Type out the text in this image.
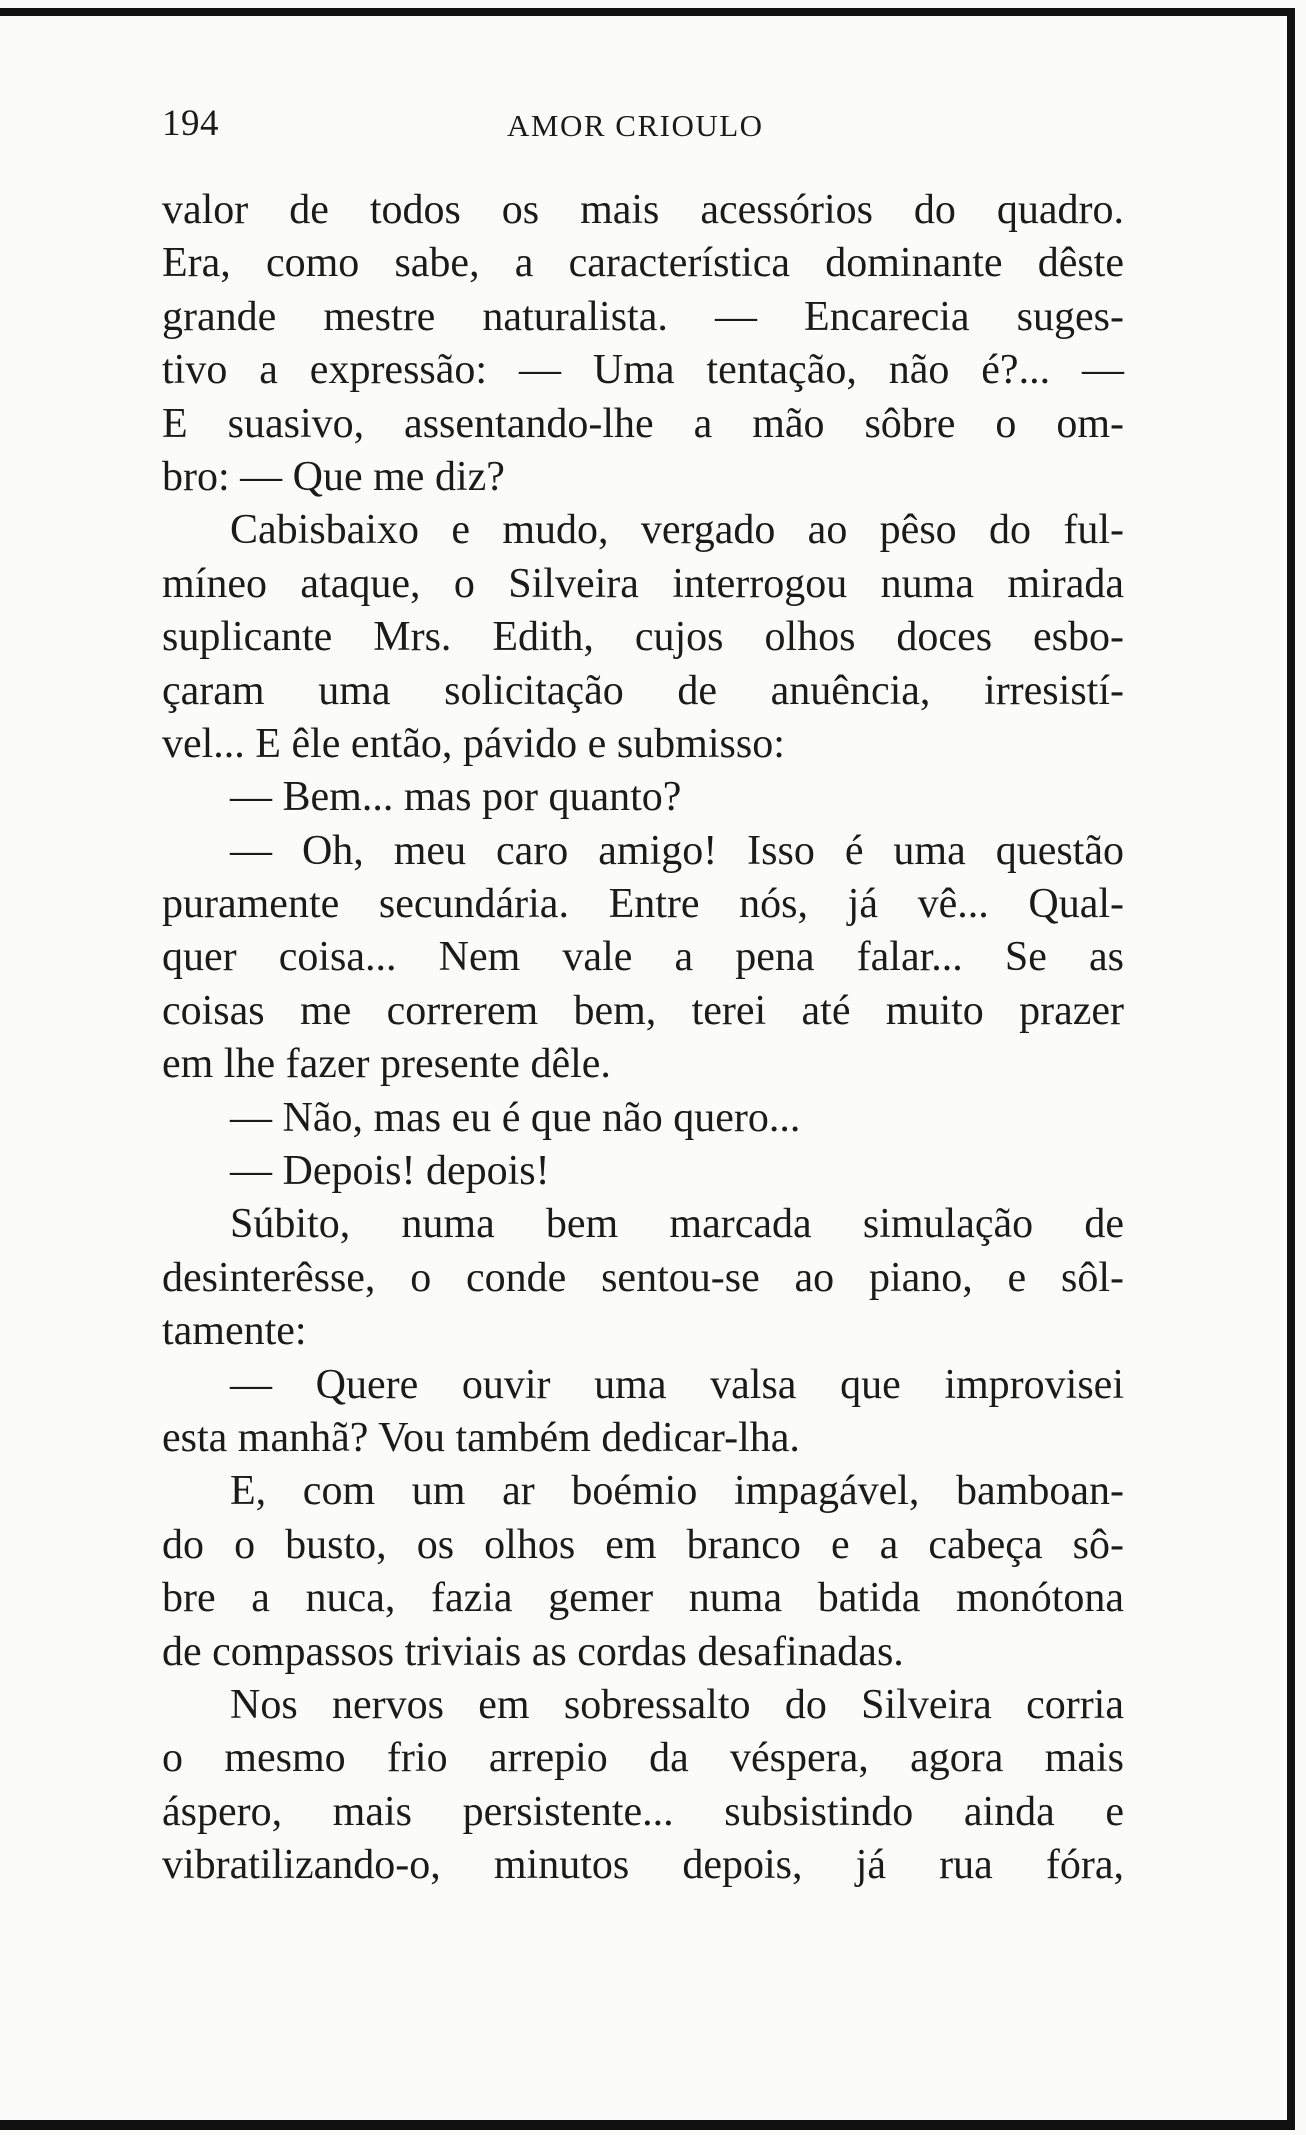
194	AMOR CRIOULO
valor de todos os mais acessórios do quadro.
Era, como sabe, a característica dominante dêste
grande mestre naturalista. — Encarecia suges-
tivo a expressão: — Uma tentação, não é?... —
E suasivo, assentando-lhe a mão sôbre o om-
bro: — Que me diz?
Cabisbaixo e mudo, vergado ao pêso do ful-
míneo ataque, o Silveira interrogou numa mirada
suplicante Mrs. Edith, cujos olhos doces esbo-
çaram uma solicitação de anuência, irresistí-
vel... E êle então, pávido e submisso:
— Bem... mas por quanto?
— Oh, meu caro amigo! Isso é uma questão
puramente secundária. Entre nós, já vê... Qual-
quer coisa... Nem vale a pena falar... Se as
coisas me correrem bem, terei até muito prazer
em lhe fazer presente dêle.
— Não, mas eu é que não quero...
— Depois! depois!
Súbito, numa bem marcada simulação de
desinterêsse, o conde sentou-se ao piano, e sôl-
tamente:
— Quere ouvir uma valsa que improvisei
esta manhã? Vou também dedicar-lha.
E, com um ar boémio impagável, bamboan-
do o busto, os olhos em branco e a cabeça sô-
bre a nuca, fazia gemer numa batida monótona
de compassos triviais as cordas desafinadas.
Nos nervos em sobressalto do Silveira corria
o mesmo frio arrepio da véspera, agora mais
áspero, mais persistente... subsistindo ainda e
vibratilizando-o, minutos depois, já rua fóra,
